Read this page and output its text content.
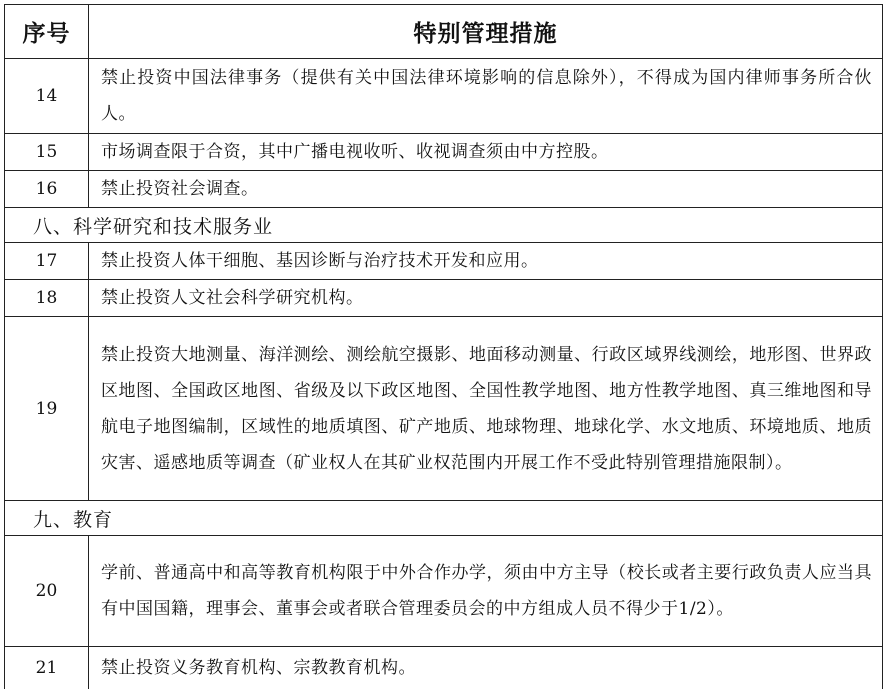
序号	特别管理措施
14	禁止投资中国法律事务（提供有关中国法律环境影响的信息除外），不得成为国内律师事务所合伙人。
15	市场调查限于合资，其中广播电视收听、收视调查须由中方控股。
16	禁止投资社会调查。
八、科学研究和技术服务业	
17	禁止投资人体干细胞、基因诊断与治疗技术开发和应用。
18	禁止投资人文社会科学研究机构。
19	禁止投资大地测量、海洋测绘、测绘航空摄影、地面移动测量、行政区域界线测绘，地形图、世界政区地图、全国政区地图、省级及以下政区地图、全国性教学地图、地方性教学地图、真三维地图和导航电子地图编制，区域性的地质填图、矿产地质、地球物理、地球化学、水文地质、环境地质、地质灾害、遥感地质等调查（矿业权人在其矿业权范围内开展工作不受此特别管理措施限制）。
九、教育	
20	学前、普通高中和高等教育机构限于中外合作办学，须由中方主导（校长或者主要行政负责人应当具有中国国籍，理事会、董事会或者联合管理委员会的中方组成人员不得少于1/2）。
21	禁止投资义务教育机构、宗教教育机构。
